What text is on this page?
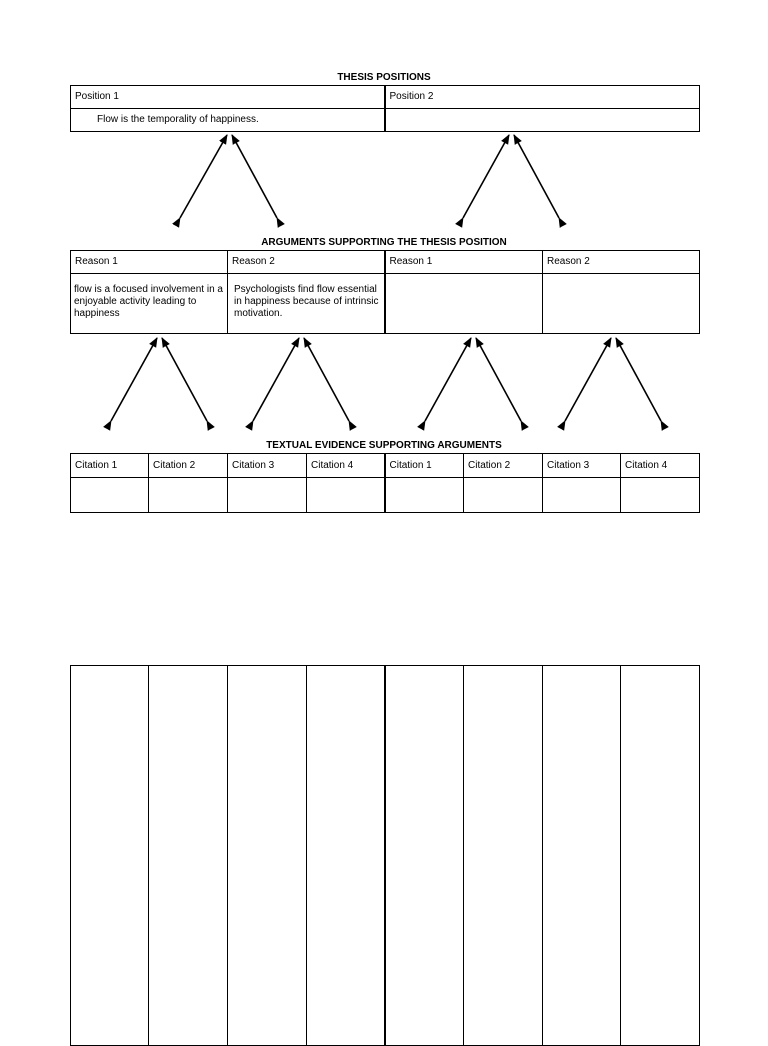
THESIS POSITIONS
Position 1	Position 2
Flow is the temporality of happiness.	
ARGUMENTS SUPPORTING THE THESIS POSITION
Reason 1	Reason 2	Reason 1	Reason 2
flow is a focused involvement in a enjoyable activity leading to happiness	Psychologists find flow essential in happiness because of intrinsic motivation.		
TEXTUAL EVIDENCE SUPPORTING ARGUMENTS
Citation 1	Citation 2	Citation 3	Citation 4	Citation 1	Citation 2	Citation 3	Citation 4
